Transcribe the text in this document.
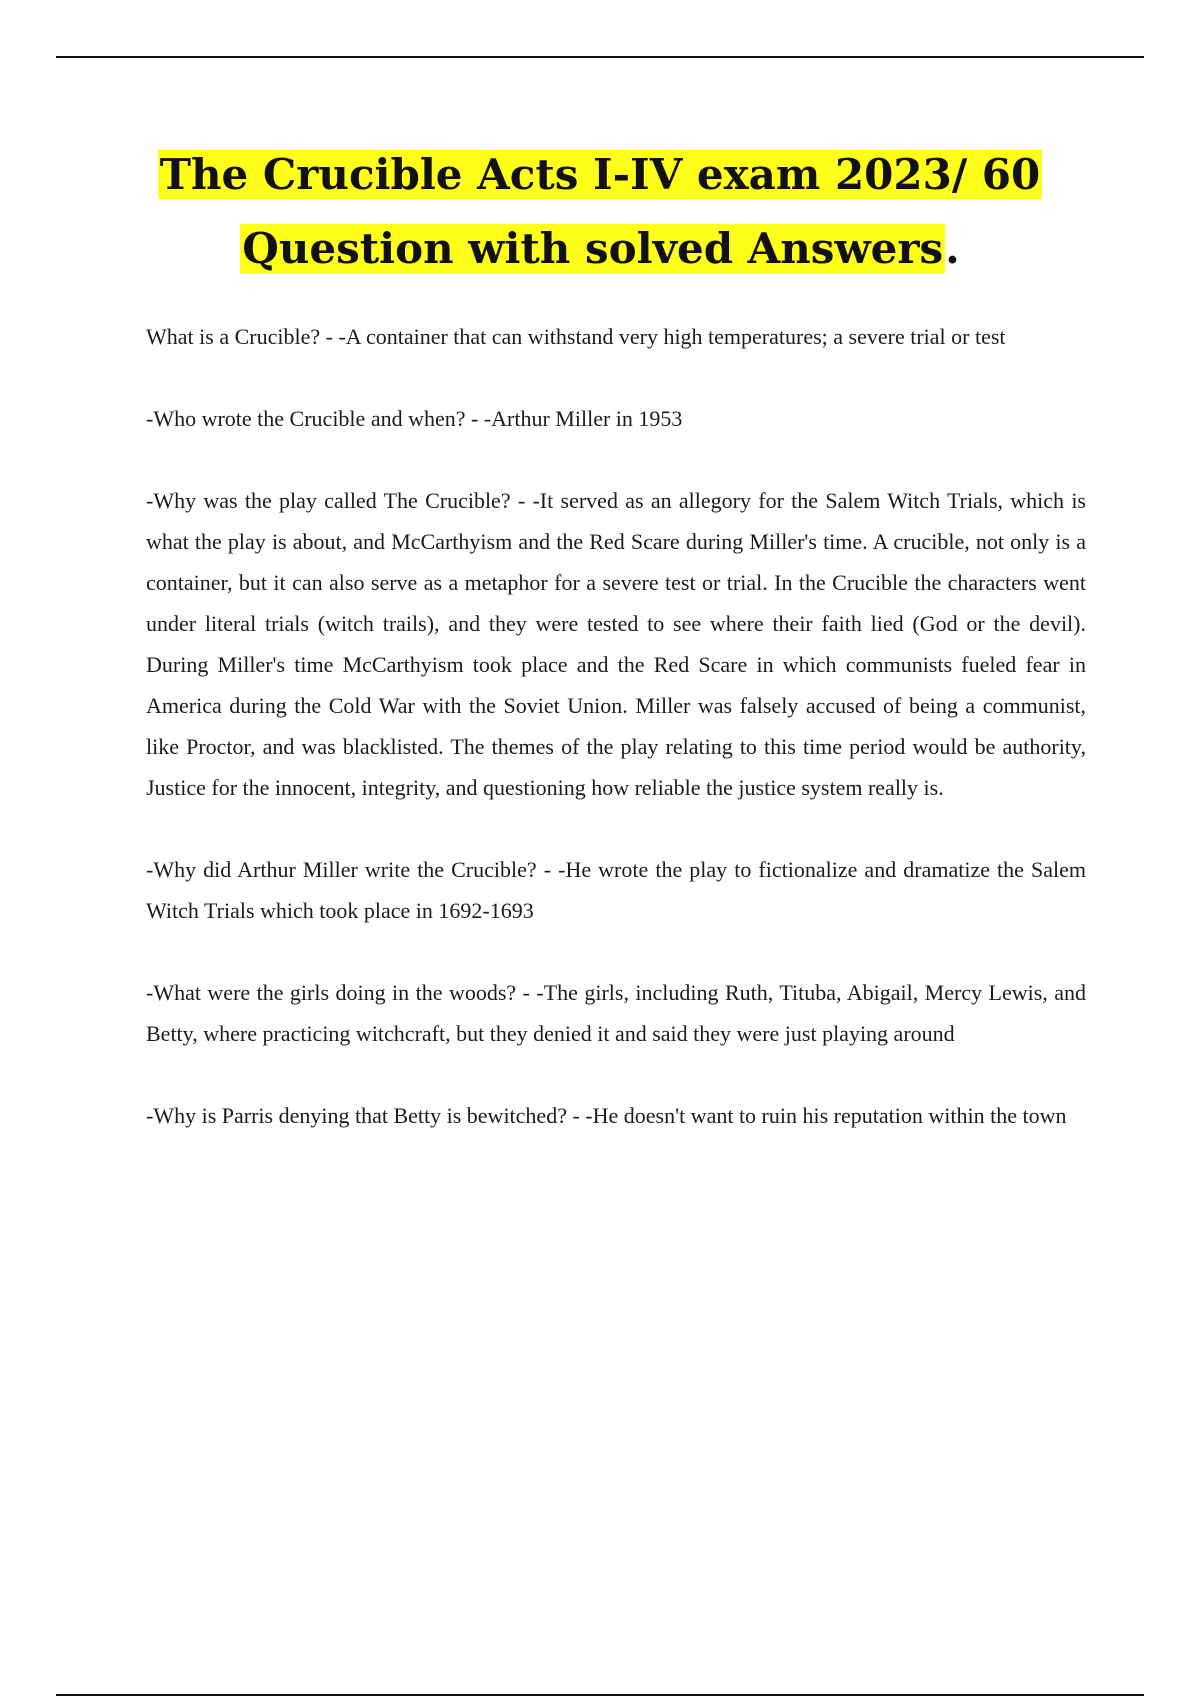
The Crucible Acts I-IV exam 2023/ 60
Question with solved Answers.

What is a Crucible? - -A container that can withstand very high temperatures; a severe trial or test

-Who wrote the Crucible and when? - -Arthur Miller in 1953

-Why was the play called The Crucible? - -It served as an allegory for the Salem Witch Trials, which is what the play is about, and McCarthyism and the Red Scare during Miller's time. A crucible, not only is a container, but it can also serve as a metaphor for a severe test or trial. In the Crucible the characters went under literal trials (witch trails), and they were tested to see where their faith lied (God or the devil). During Miller's time McCarthyism took place and the Red Scare in which communists fueled fear in America during the Cold War with the Soviet Union. Miller was falsely accused of being a communist, like Proctor, and was blacklisted. The themes of the play relating to this time period would be authority, Justice for the innocent, integrity, and questioning how reliable the justice system really is.

-Why did Arthur Miller write the Crucible? - -He wrote the play to fictionalize and dramatize the Salem Witch Trials which took place in 1692-1693

-What were the girls doing in the woods? - -The girls, including Ruth, Tituba, Abigail, Mercy Lewis, and Betty, where practicing witchcraft, but they denied it and said they were just playing around

-Why is Parris denying that Betty is bewitched? - -He doesn't want to ruin his reputation within the town
